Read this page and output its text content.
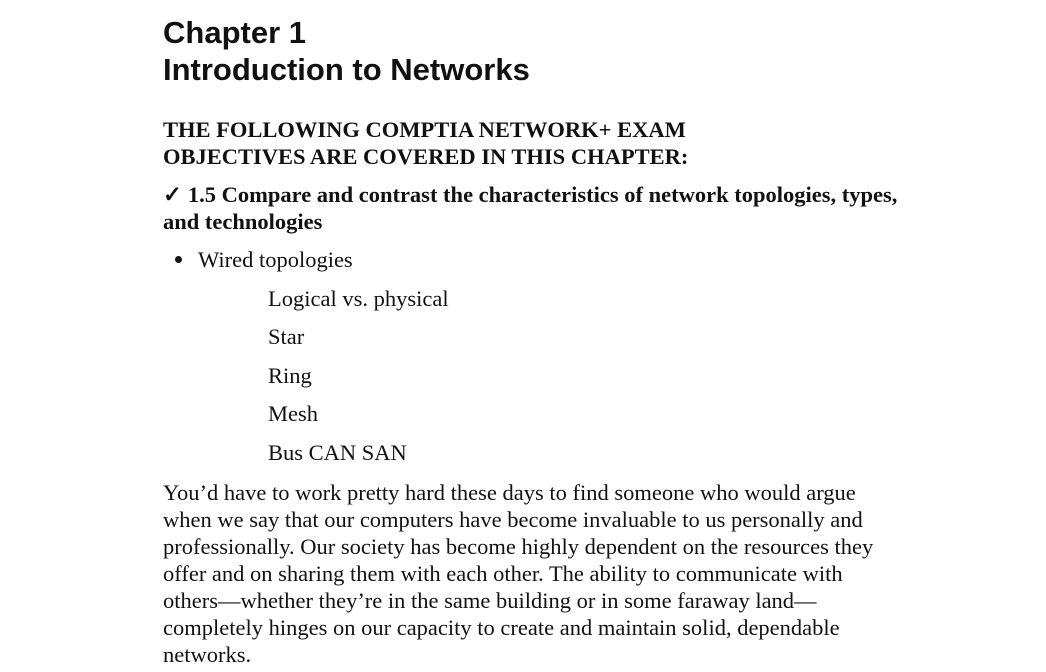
Chapter 1
Introduction to Networks

THE FOLLOWING COMPTIA NETWORK+ EXAM OBJECTIVES ARE COVERED IN THIS CHAPTER:

✓ 1.5 Compare and contrast the characteristics of network topologies, types, and technologies

Wired topologies
Logical vs. physical
Star
Ring
Mesh
Bus CAN SAN

You’d have to work pretty hard these days to find someone who would argue when we say that our computers have become invaluable to us personally and professionally. Our society has become highly dependent on the resources they offer and on sharing them with each other. The ability to communicate with others—whether they’re in the same building or in some faraway land—completely hinges on our capacity to create and maintain solid, dependable networks.
